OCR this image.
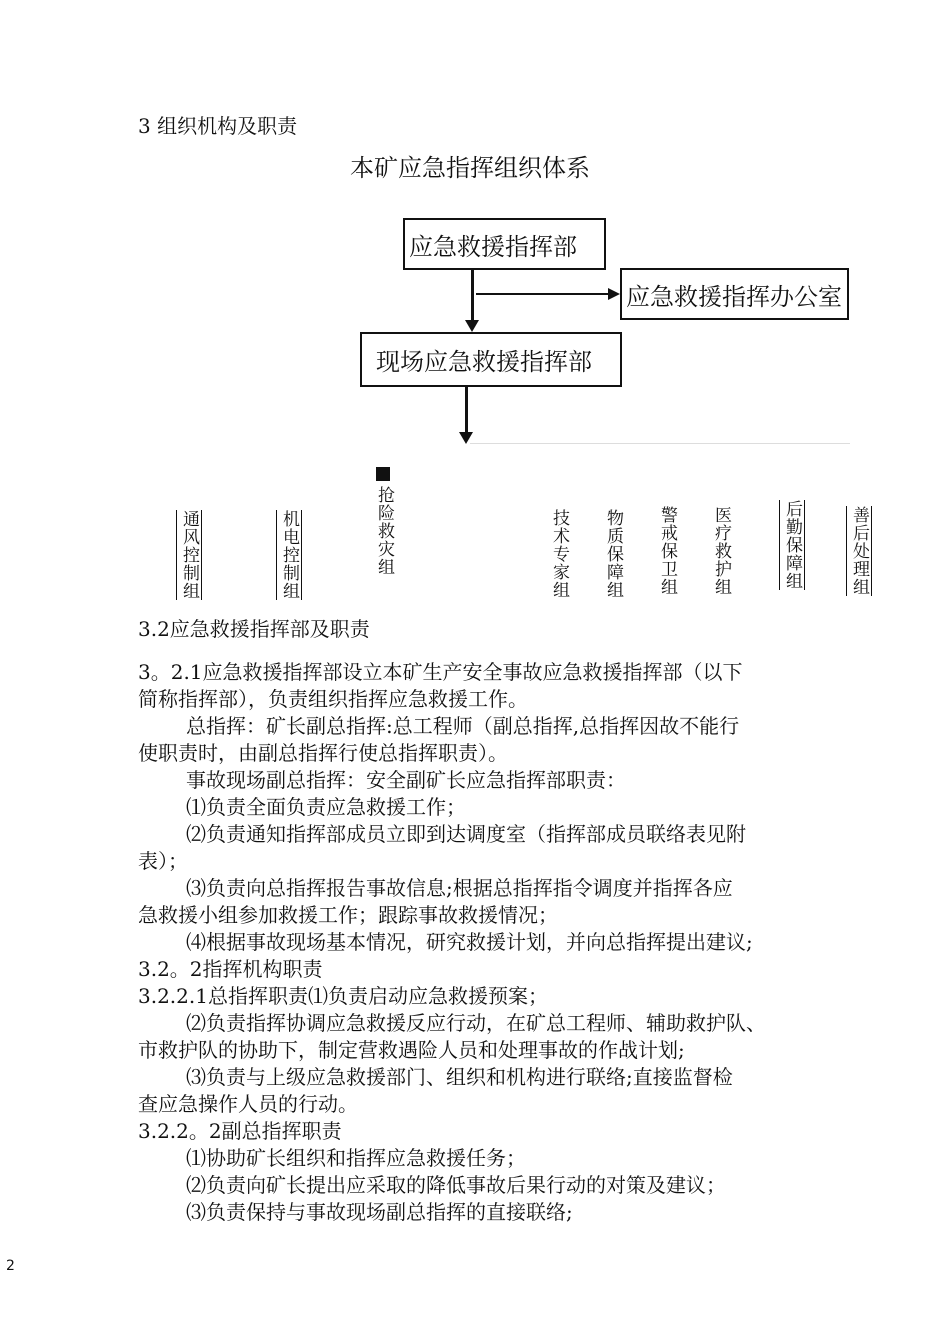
3 组织机构及职责
本矿应急指挥组织体系
应急救援指挥部
应急救援指挥办公室
现场应急救援指挥部
通风控制组	机电控制组	抢险救灾组	技术专家组 物质保障组 警戒保卫组 医疗救护组	后勤保障组	善后处理组
3.2应急救援指挥部及职责
3。2.1应急救援指挥部设立本矿生产安全事故应急救援指挥部（以下
简称指挥部），负责组织指挥应急救援工作。
总指挥：矿长副总指挥:总工程师（副总指挥,总指挥因故不能行
使职责时，由副总指挥行使总指挥职责）。
事故现场副总指挥：安全副矿长应急指挥部职责：
⑴负责全面负责应急救援工作；
⑵负责通知指挥部成员立即到达调度室（指挥部成员联络表见附
表）；
⑶负责向总指挥报告事故信息;根据总指挥指令调度并指挥各应
急救援小组参加救援工作；跟踪事故救援情况；
⑷根据事故现场基本情况，研究救援计划，并向总指挥提出建议;
3.2。2指挥机构职责
3.2.2.1总指挥职责⑴负责启动应急救援预案；
⑵负责指挥协调应急救援反应行动，在矿总工程师、辅助救护队、
市救护队的协助下，制定营救遇险人员和处理事故的作战计划;
⑶负责与上级应急救援部门、组织和机构进行联络;直接监督检
查应急操作人员的行动。
3.2.2。2副总指挥职责
⑴协助矿长组织和指挥应急救援任务；
⑵负责向矿长提出应采取的降低事故后果行动的对策及建议；
⑶负责保持与事故现场副总指挥的直接联络;
2
